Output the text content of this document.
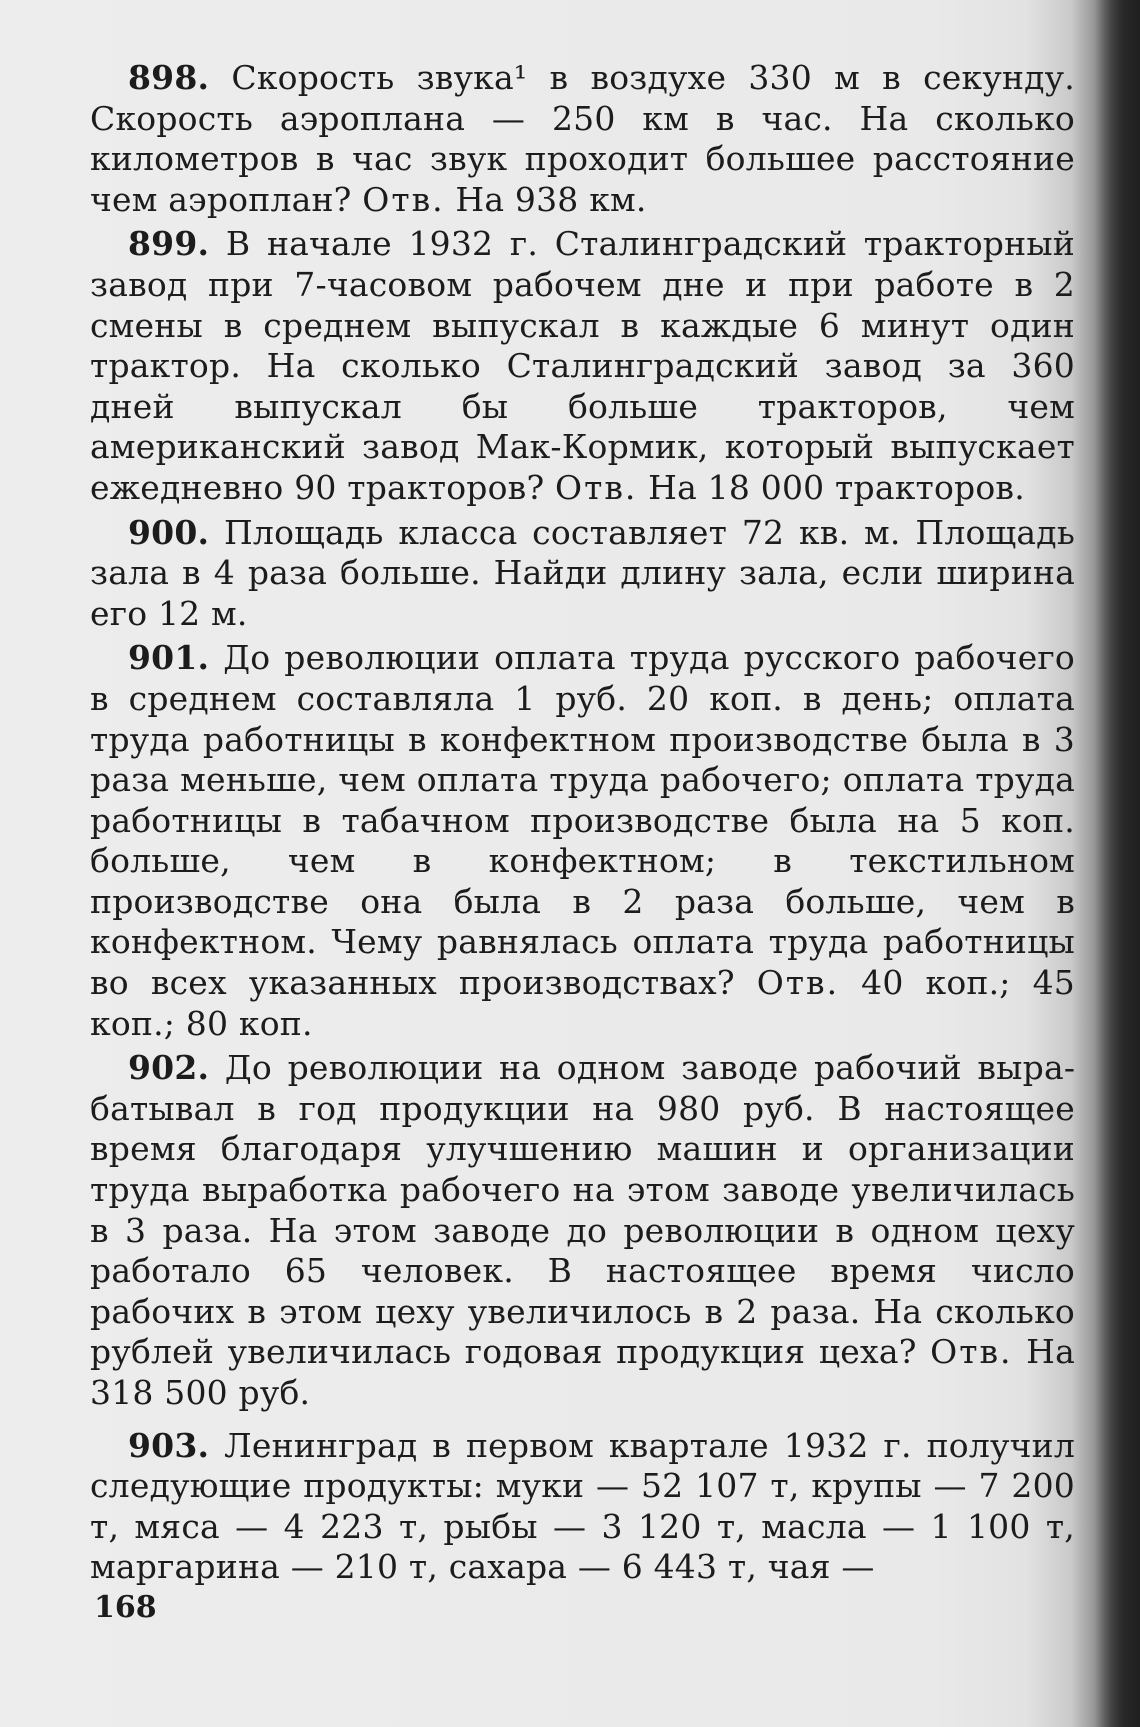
898. Скорость звука¹ в воздухе 330 м в секунду. Скорость аэроплана — 250 км в час. На сколько километров в час звук проходит большее расстояние чем аэроплан? Отв. На 938 км.

899. В начале 1932 г. Сталинградский тракторный завод при 7-часовом рабочем дне и при работе в 2 смены в среднем выпускал в каждые 6 минут один трактор. На сколько Сталинградский завод за 360 дней выпускал бы больше тракторов, чем американский завод Мак-Кормик, который выпускает ежедневно 90 тракторов? Отв. На 18 000 тракторов.

900. Площадь класса составляет 72 кв. м. Площадь зала в 4 раза больше. Найди длину зала, если ширина его 12 м.

901. До революции оплата труда русского рабочего в среднем составляла 1 руб. 20 коп. в день; оплата труда работницы в конфектном производстве была в 3 раза меньше, чем оплата труда рабочего; оплата труда работницы в табачном производстве была на 5 коп. больше, чем в конфектном; в текстильном производстве она была в 2 раза больше, чем в конфектном. Чему равнялась оплата труда работницы во всех указанных производствах? Отв. 40 коп.; 45 коп.; 80 коп.

902. До революции на одном заводе рабочий вырабатывал в год продукции на 980 руб. В настоящее время благодаря улучшению машин и организации труда выработка рабочего на этом заводе увеличилась в 3 раза. На этом заводе до революции в одном цеху работало 65 человек. В настоящее время число рабочих в этом цеху увеличилось в 2 раза. На сколько рублей увеличилась годовая продукция цеха? Отв. На 318 500 руб.

903. Ленинград в первом квартале 1932 г. получил следующие продукты: муки — 52 107 т, крупы — 7 200 т, мяса — 4 223 т, рыбы — 3 120 т, масла — 1 100 т, маргарина — 210 т, сахара — 6 443 т, чая —

168
